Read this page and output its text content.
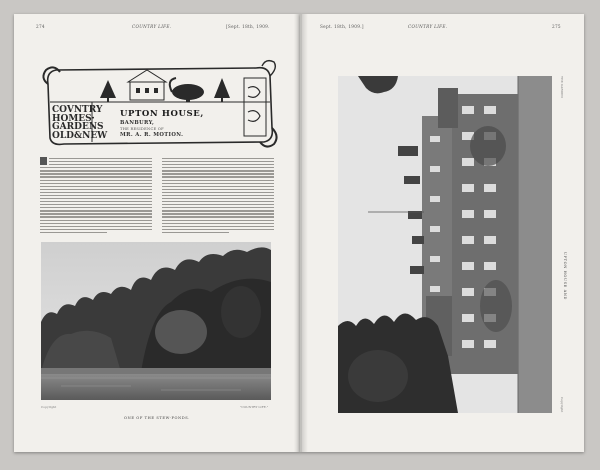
274	COUNTRY LIFE.	[Sept. 18th, 1909.
COVNTRY
HOMES·
GARDENS
OLD&NEW
UPTON HOUSE,
BANBURY,
THE RESIDENCE OF
MR. A. R. MOTION.
Copyright	"COUNTRY LIFE."
ONE OF THE STEW-PONDS.
Sept. 18th, 1909.]	COUNTRY LIFE.	275
THE GARDEN
UPTON HOUSE AND
Copyright
